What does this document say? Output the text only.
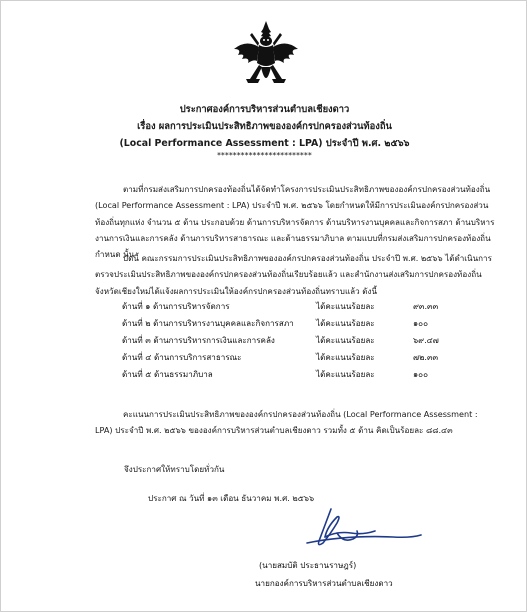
ประกาศองค์การบริหารส่วนตำบลเชียงดาว
เรื่อง ผลการประเมินประสิทธิภาพขององค์กรปกครองส่วนท้องถิ่น
(Local Performance Assessment : LPA) ประจำปี พ.ศ. ๒๕๖๖
************************
ตามที่กรมส่งเสริมการปกครองท้องถิ่นได้จัดทำโครงการประเมินประสิทธิภาพขององค์กรปกครองส่วนท้องถิ่น (Local Performance Assessment : LPA) ประจำปี พ.ศ. ๒๕๖๖ โดยกำหนดให้มีการประเมินองค์กรปกครองส่วนท้องถิ่นทุกแห่ง จำนวน ๕ ด้าน ประกอบด้วย ด้านการบริหารจัดการ ด้านบริหารงานบุคคลและกิจการสภา ด้านบริหารงานการเงินและการคลัง ด้านการบริหารสาธารณะ และด้านธรรมาภิบาล ตามแบบที่กรมส่งเสริมการปกครองท้องถิ่นกำหนด นั้น
บัดนี้ คณะกรรมการประเมินประสิทธิภาพขององค์กรปกครองส่วนท้องถิ่น ประจำปี พ.ศ. ๒๕๖๖ ได้ดำเนินการตรวจประเมินประสิทธิภาพขององค์กรปกครองส่วนท้องถิ่นเรียบร้อยแล้ว และสำนักงานส่งเสริมการปกครองท้องถิ่นจังหวัดเชียงใหม่ได้แจ้งผลการประเมินให้องค์กรปกครองส่วนท้องถิ่นทราบแล้ว ดังนี้
ด้านที่ ๑ ด้านการบริหารจัดการ	ได้คะแนนร้อยละ	๙๓.๓๓
ด้านที่ ๒ ด้านการบริหารงานบุคคลและกิจการสภา	ได้คะแนนร้อยละ	๑๐๐
ด้านที่ ๓ ด้านการบริหารการเงินและการคลัง	ได้คะแนนร้อยละ	๖๙.๔๗
ด้านที่ ๔ ด้านการบริการสาธารณะ	ได้คะแนนร้อยละ	๗๒.๓๓
ด้านที่ ๕ ด้านธรรมาภิบาล	ได้คะแนนร้อยละ	๑๐๐
คะแนนการประเมินประสิทธิภาพขององค์กรปกครองส่วนท้องถิ่น (Local Performance Assessment : LPA) ประจำปี พ.ศ. ๒๕๖๖ ขององค์การบริหารส่วนตำบลเชียงดาว รวมทั้ง ๕ ด้าน คิดเป็นร้อยละ ๘๘.๔๓
จึงประกาศให้ทราบโดยทั่วกัน
ประกาศ ณ วันที่ ๑๓ เดือน ธันวาคม พ.ศ. ๒๕๖๖
(นายสมบัติ ประธานราษฎร์)
นายกองค์การบริหารส่วนตำบลเชียงดาว
